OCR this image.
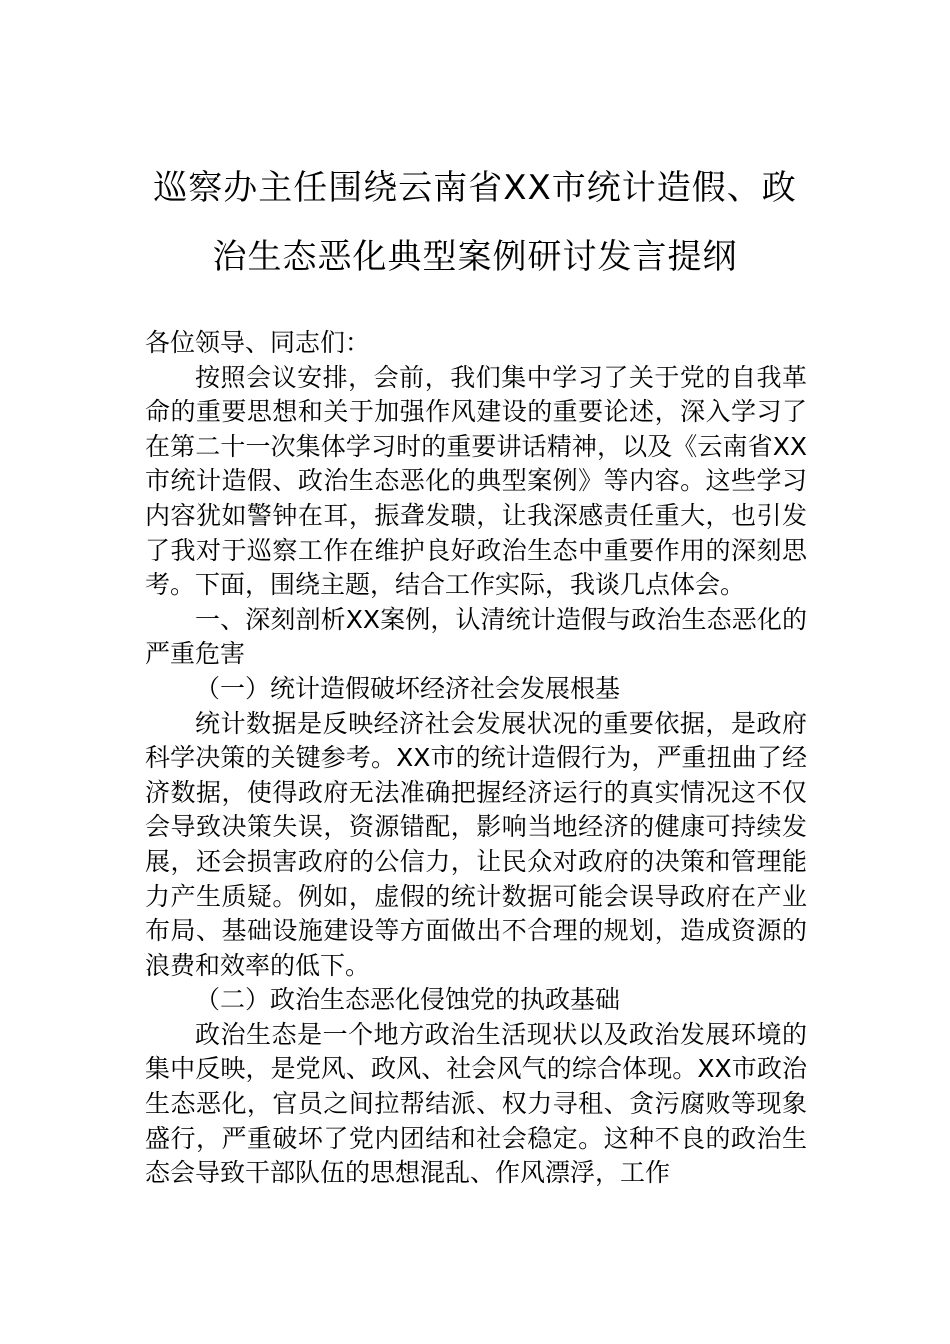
巡察办主任围绕云南省XX市统计造假、政
治生态恶化典型案例研讨发言提纲

各位领导、同志们：

按照会议安排，会前，我们集中学习了关于党的自我革命的重要思想和关于加强作风建设的重要论述，深入学习了在第二十一次集体学习时的重要讲话精神，以及《云南省XX市统计造假、政治生态恶化的典型案例》等内容。这些学习内容犹如警钟在耳，振聋发聩，让我深感责任重大，也引发了我对于巡察工作在维护良好政治生态中重要作用的深刻思考。下面，围绕主题，结合工作实际，我谈几点体会。

一、深刻剖析XX案例，认清统计造假与政治生态恶化的严重危害

（一）统计造假破坏经济社会发展根基

统计数据是反映经济社会发展状况的重要依据，是政府科学决策的关键参考。XX市的统计造假行为，严重扭曲了经济数据，使得政府无法准确把握经济运行的真实情况这不仅会导致决策失误，资源错配，影响当地经济的健康可持续发展，还会损害政府的公信力，让民众对政府的决策和管理能力产生质疑。例如，虚假的统计数据可能会误导政府在产业布局、基础设施建设等方面做出不合理的规划，造成资源的浪费和效率的低下。

（二）政治生态恶化侵蚀党的执政基础

政治生态是一个地方政治生活现状以及政治发展环境的集中反映，是党风、政风、社会风气的综合体现。XX市政治生态恶化，官员之间拉帮结派、权力寻租、贪污腐败等现象盛行，严重破坏了党内团结和社会稳定。这种不良的政治生态会导致干部队伍的思想混乱、作风漂浮，工作
